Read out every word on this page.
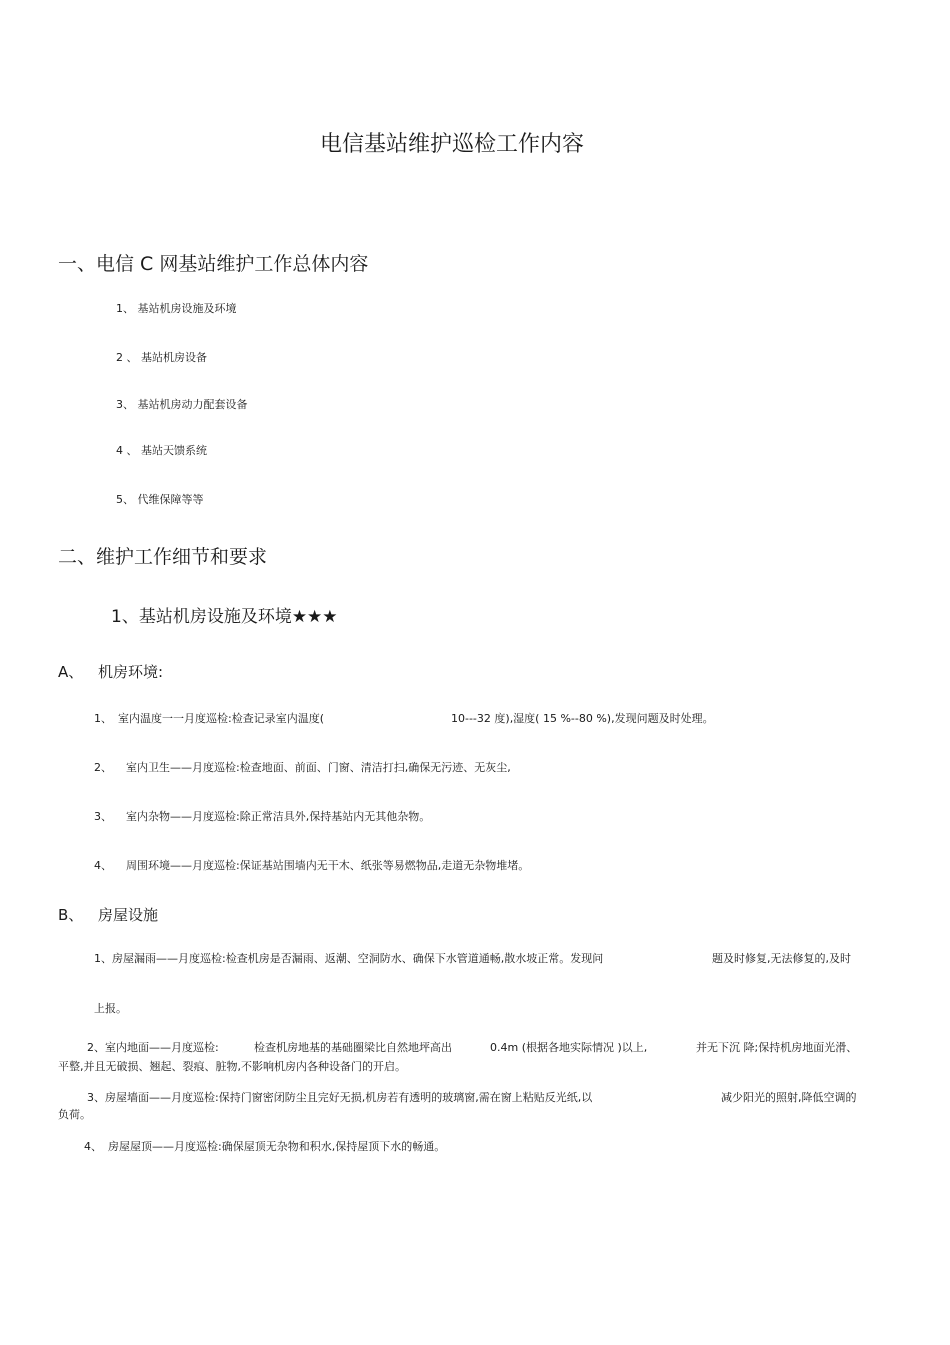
电信基站维护巡检工作内容
一、电信 C 网基站维护工作总体内容
1、 基站机房设施及环境
2 、 基站机房设备
3、 基站机房动力配套设备
4 、 基站天馈系统
5、 代维保障等等
二、维护工作细节和要求
1、基站机房设施及环境★★★
A、 机房环境:
1、 室内温度一一月度巡检:检查记录室内温度(	10---32 度),湿度( 15 %--80 %),发现问题及时处理。
2、 室内卫生——月度巡检:检查地面、前面、门窗、清洁打扫,确保无污迹、无灰尘,
3、 室内杂物——月度巡检:除正常洁具外,保持基站内无其他杂物。
4、 周围环境——月度巡检:保证基站围墙内无干木、纸张等易燃物品,走道无杂物堆堵。
B、 房屋设施
1、房屋漏雨——月度巡检:检查机房是否漏雨、返潮、空洞防水、确保下水管道通畅,散水坡正常。发现问	题及时修复,无法修复的,及时
上报。
2、室内地面——月度巡检:	检查机房地基的基础圈梁比自然地坪高出	0.4m (根据各地实际情况 )以上,	并无下沉 降;保持机房地面光滑、
平整,并且无破损、翘起、裂痕、脏物,不影响机房内各种设备门的开启。
3、房屋墙面——月度巡检:保持门窗密闭防尘且完好无损,机房若有透明的玻璃窗,需在窗上粘贴反光纸,以	减少阳光的照射,降低空调的
负荷。
4、 房屋屋顶——月度巡检:确保屋顶无杂物和积水,保持屋顶下水的畅通。
